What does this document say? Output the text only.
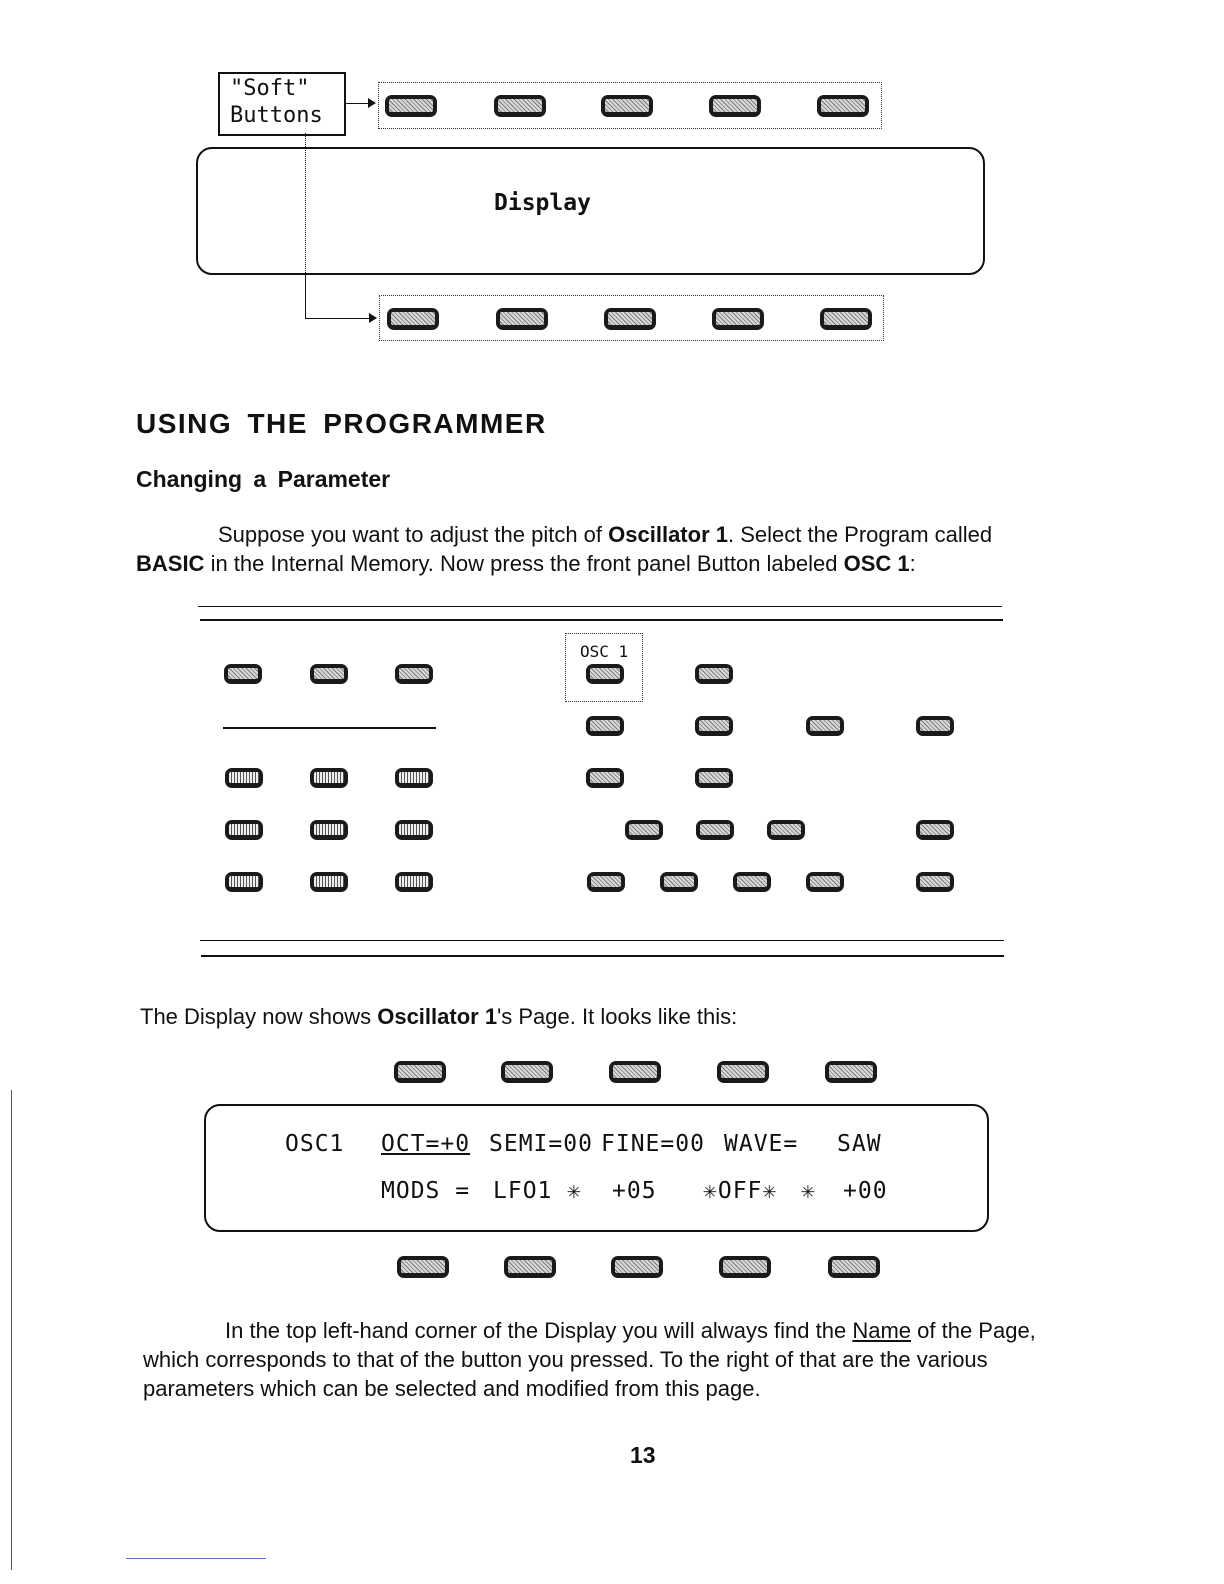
"Soft"
Buttons
Display
USING THE PROGRAMMER
Changing a Parameter
Suppose you want to adjust the pitch of Oscillator 1. Select the Program called
BASIC in the Internal Memory. Now press the front panel Button labeled OSC 1:
OSC 1
The Display now shows Oscillator 1's Page. It looks like this:
OSC1 OCT=+0 SEMI=00 FINE=00 WAVE= SAW
MODS = LFO1 ✳ +05 ✳OFF✳ ✳ +00
In the top left-hand corner of the Display you will always find the Name of the Page,
which corresponds to that of the button you pressed. To the right of that are the various
parameters which can be selected and modified from this page.
13
